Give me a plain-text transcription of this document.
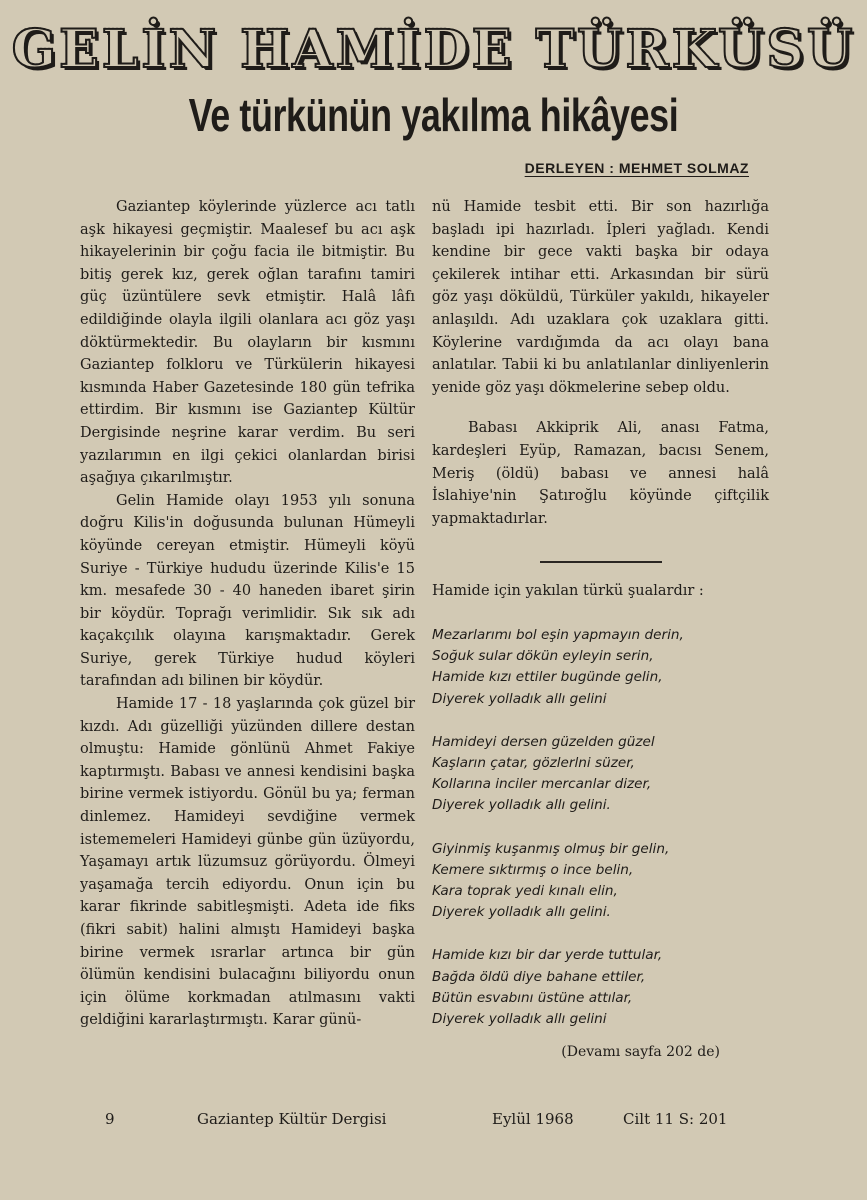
GELİN HAMİDE TÜRKÜSÜ
Ve türkünün yakılma hikâyesi
DERLEYEN : MEHMET SOLMAZ

Gaziantep köylerinde yüzlerce acı tatlı aşk hikayesi geçmiştir. Maalesef bu acı aşk hikayelerinin bir çoğu facia ile bitmiştir. Bu bitiş gerek kız, gerek oğlan tarafını tamiri güç üzüntülere sevk etmiştir. Halâ lâfı edildiğinde olayla ilgili olanlara acı göz yaşı döktürmektedir. Bu olayların bir kısmını Gaziantep folkloru ve Türkülerin hikayesi kısmında Haber Gazetesinde 180 gün tefrika ettirdim. Bir kısmını ise Gaziantep Kültür Dergisinde neşrine karar verdim. Bu seri yazılarımın en ilgi çekici olanlardan birisi aşağıya çıkarılmıştır.

Gelin Hamide olayı 1953 yılı sonuna doğru Kilis'in doğusunda bulunan Hümeyli köyünde cereyan etmiştir. Hümeyli köyü Suriye - Türkiye hududu üzerinde Kilis'e 15 km. mesafede 30 - 40 haneden ibaret şirin bir köydür. Toprağı verimlidir. Sık sık adı kaçakçılık olayına karışmaktadır. Gerek Suriye, gerek Türkiye hudud köyleri tarafından adı bilinen bir köydür.

Hamide 17 - 18 yaşlarında çok güzel bir kızdı. Adı güzelliği yüzünden dillere destan olmuştu: Hamide gönlünü Ahmet Fakiye kaptırmıştı. Babası ve annesi kendisini başka birine vermek istiyordu. Gönül bu ya; ferman dinlemez. Hamideyi sevdiğine vermek istememeleri Hamideyi günbe gün üzüyordu, Yaşamayı artık lüzumsuz görüyordu. Ölmeyi yaşamağa tercih ediyordu. Onun için bu karar fikrinde sabitleşmişti. Adeta ide fiks (fikri sabit) halini almıştı Hamideyi başka birine vermek ısrarlar artınca bir gün ölümün kendisini bulacağını biliyordu onun için ölüme korkmadan atılmasını vakti geldiğini kararlaştırmıştı. Karar günü-

nü Hamide tesbit etti. Bir son hazırlığa başladı ipi hazırladı. İpleri yağladı. Kendi kendine bir gece vakti başka bir odaya çekilerek intihar etti. Arkasından bir sürü göz yaşı döküldü, Türküler yakıldı, hikayeler anlaşıldı. Adı uzaklara çok uzaklara gitti. Köylerine vardığımda da acı olayı bana anlatılar. Tabii ki bu anlatılanlar dinliyenlerin yenide göz yaşı dökmelerine sebep oldu.

Babası Akkiprik Ali, anası Fatma, kardeşleri Eyüp, Ramazan, bacısı Senem, Meriş (öldü) babası ve annesi halâ İslahiye'nin Şatıroğlu köyünde çiftçilik yapmaktadırlar.

Hamide için yakılan türkü şualardır :
Mezarlarımı bol eşin yapmayın derin,
Soğuk sular dökün eyleyin serin,
Hamide kızı ettiler bugünde gelin,
Diyerek yolladık allı gelini
Hamideyi dersen güzelden güzel
Kaşların çatar, gözlerlni süzer,
Kollarına inciler mercanlar dizer,
Diyerek yolladık allı gelini.
Giyinmiş kuşanmış olmuş bir gelin,
Kemere sıktırmış o ince belin,
Kara toprak yedi kınalı elin,
Diyerek yolladık allı gelini.
Hamide kızı bir dar yerde tuttular,
Bağda öldü diye bahane ettiler,
Bütün esvabını üstüne attılar,
Diyerek yolladık allı gelini
(Devamı sayfa 202 de)
9	Gaziantep Kültür Dergisi	Eylül 1968	Cilt 11 S: 201
